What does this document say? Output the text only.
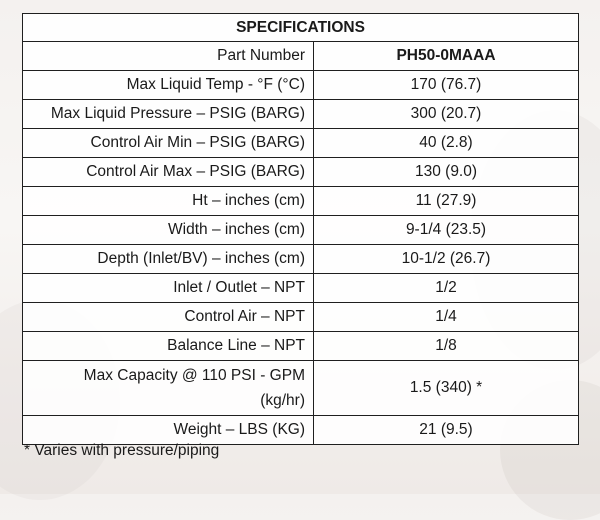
SPECIFICATIONS	
Part Number	PH50-0MAAA
Max Liquid Temp - °F (°C)	170 (76.7)
Max Liquid Pressure – PSIG (BARG)	300 (20.7)
Control Air Min – PSIG (BARG)	40 (2.8)
Control Air Max – PSIG (BARG)	130 (9.0)
Ht – inches (cm)	11 (27.9)
Width – inches (cm)	9-1/4 (23.5)
Depth (Inlet/BV) – inches (cm)	10-1/2 (26.7)
Inlet / Outlet – NPT	1/2
Control Air – NPT	1/4
Balance Line – NPT	1/8
Max Capacity @ 110 PSI - GPM
(kg/hr)	1.5 (340) *
Weight – LBS (KG)	21 (9.5)
* Varies with pressure/piping
